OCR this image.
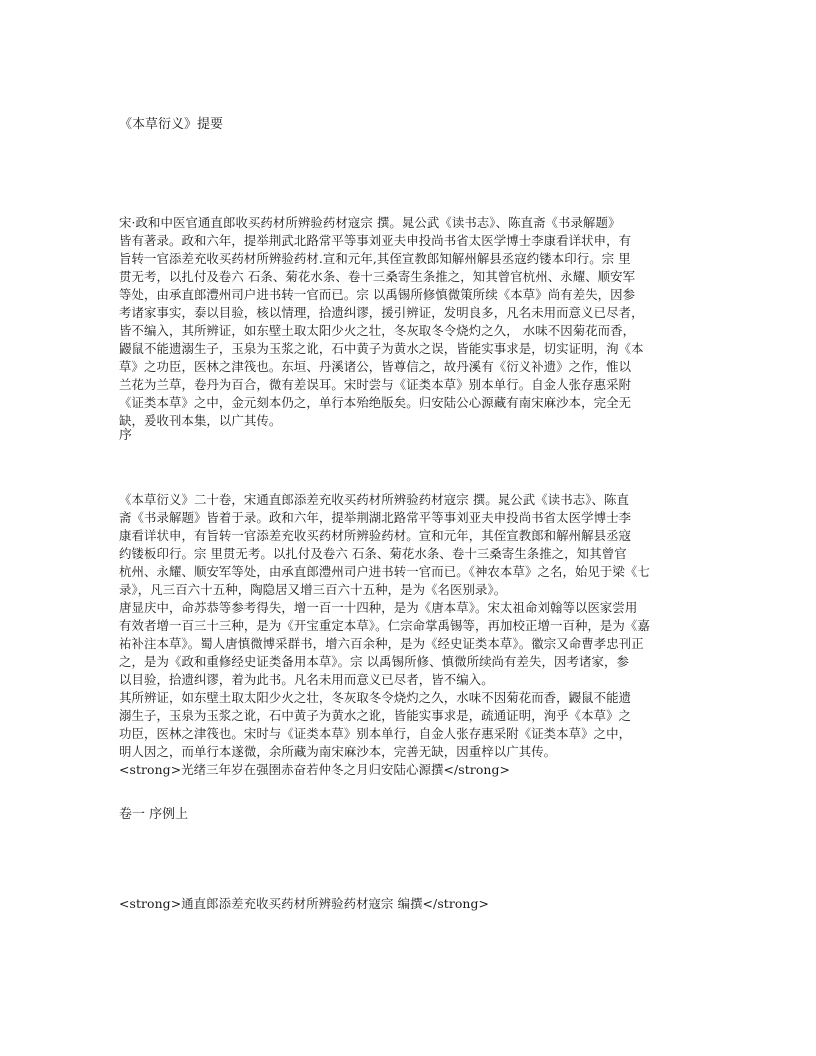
《本草衍义》提要
宋·政和中医官通直郎收买药材所辨验药材寇宗 撰。晁公武《读书志》、陈直斋《书录解题》
皆有著录。政和六年，提举荆武北路常平等事刘亚夫申投尚书省太医学博士李康看详状申，有
旨转一官添差充收买药材所辨验药材.宣和元年,其侄宣教郎知解州解县丞寇约镂本印行。宗 里
贯无考，以扎付及卷六 石条、菊花水条、卷十三桑寄生条推之，知其曾官杭州、永耀、顺安军
等处，由承直郎澧州司户进书转一官而已。宗 以禹锡所修慎微策所续《本草》尚有差失，因参
考诸家事实，泰以目验，核以情理，拾遗纠谬，援引辨证，发明良多，凡名未用而意义已尽者，
皆不编入，其所辨证，如东壁土取太阳少火之壮，冬灰取冬令烧灼之久， 水味不因菊花而香，
鼹鼠不能遗溺生子，玉泉为玉浆之讹，石中黄子为黄水之误，皆能实事求是，切实证明，洵《本
草》之功臣，医林之津筏也。东垣、丹溪诸公，皆尊信之，故丹溪有《衍义补遗》之作，惟以
兰花为兰草，卷丹为百合，微有差误耳。宋时尝与《证类本草》别本单行。自金人张存惠采附
《证类本草》之中，金元刻本仍之，单行本殆绝版矣。归安陆公心源藏有南宋麻沙本，完全无
缺，爰收刊本集，以广其传。
序
《本草衍义》二十卷，宋通直郎添差充收买药材所辨验药材寇宗 撰。晁公武《读书志》、陈直
斋《书录解题》皆着于录。政和六年，提举荆湖北路常平等事刘亚夫申投尚书省太医学博士李
康看详状申，有旨转一官添差充收买药材所辨验药材。宣和元年，其侄宣教郎和解州解县丞寇
约镂板印行。宗 里贯无考。以扎付及卷六 石条、菊花水条、卷十三桑寄生条推之，知其曾官
杭州、永耀、顺安军等处，由承直郎澧州司户进书转一官而已。《神农本草》之名，始见于梁《七
录》，凡三百六十五种，陶隐居又增三百六十五种，是为《名医别录》。
唐显庆中，命苏恭等参考得失，增一百一十四种，是为《唐本草》。宋太祖命刘翰等以医家尝用
有效者增一百三十三种，是为《开宝重定本草》。仁宗命掌禹锡等，再加校正增一百种，是为《嘉
祐补注本草》。蜀人唐慎微博采群书，增六百余种，是为《经史证类本草》。徽宗又命曹孝忠刊正
之，是为《政和重修经史证类备用本草》。宗 以禹锡所修、慎微所续尚有差失，因考诸家，参
以目验，拾遗纠谬，着为此书。凡名未用而意义已尽者，皆不编入。
其所辨证，如东壁土取太阳少火之壮，冬灰取冬令烧灼之久，水味不因菊花而香，鼹鼠不能遗
溺生子，玉泉为玉浆之讹，石中黄子为黄水之讹，皆能实事求是，疏通证明，洵乎《本草》之
功臣，医林之津筏也。宋时与《证类本草》别本单行，自金人张存惠采附《证类本草》之中，
明人因之，而单行本遂微，余所藏为南宋麻沙本，完善无缺，因重梓以广其传。
<strong>光绪三年岁在强圉赤奋若仲冬之月归安陆心源撰</strong>
卷一 序例上
<strong>通直郎添差充收买药材所辨验药材寇宗 编撰</strong>
